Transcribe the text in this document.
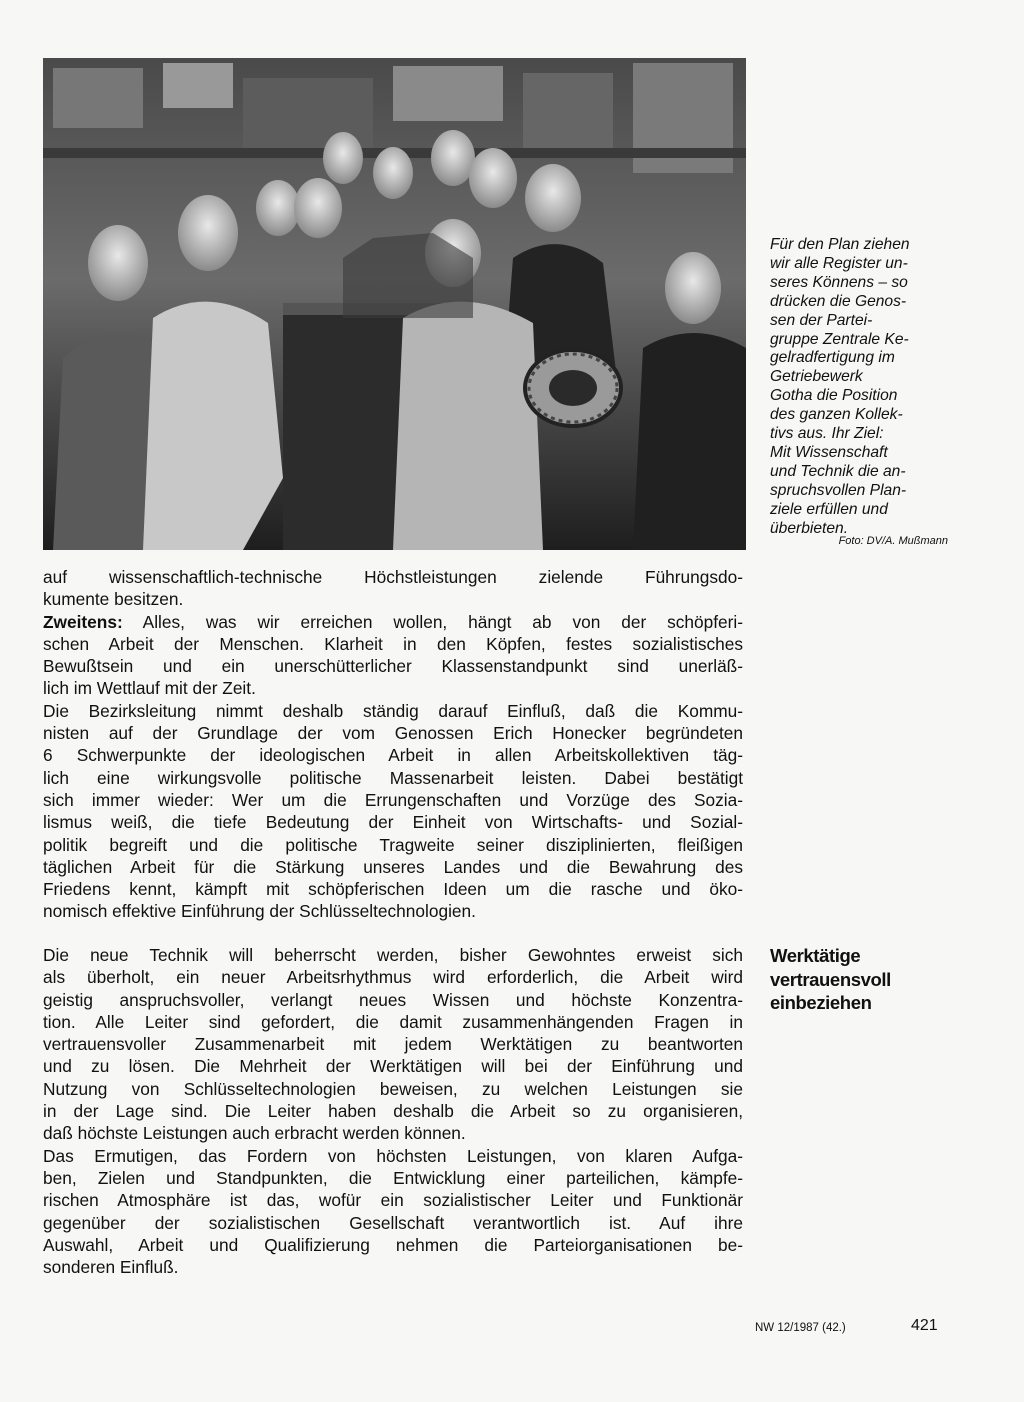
Für den Plan ziehen
wir alle Register un-
seres Könnens – so
drücken die Genos-
sen der Partei-
gruppe Zentrale Ke-
gelradfertigung im
Getriebewerk
Gotha die Position
des ganzen Kollek-
tivs aus. Ihr Ziel:
Mit Wissenschaft
und Technik die an-
spruchsvollen Plan-
ziele erfüllen und
überbieten.
Foto: DV/A. Mußmann
auf wissenschaftlich-technische Höchstleistungen zielende Führungsdo-
kumente besitzen.
Zweitens: Alles, was wir erreichen wollen, hängt ab von der schöpferi-
schen Arbeit der Menschen. Klarheit in den Köpfen, festes sozialistisches
Bewußtsein und ein unerschütterlicher Klassenstandpunkt sind unerläß-
lich im Wettlauf mit der Zeit.
Die Bezirksleitung nimmt deshalb ständig darauf Einfluß, daß die Kommu-
nisten auf der Grundlage der vom Genossen Erich Honecker begründeten
6 Schwerpunkte der ideologischen Arbeit in allen Arbeitskollektiven täg-
lich eine wirkungsvolle politische Massenarbeit leisten. Dabei bestätigt
sich immer wieder: Wer um die Errungenschaften und Vorzüge des Sozia-
lismus weiß, die tiefe Bedeutung der Einheit von Wirtschafts- und Sozial-
politik begreift und die politische Tragweite seiner disziplinierten, fleißigen
täglichen Arbeit für die Stärkung unseres Landes und die Bewahrung des
Friedens kennt, kämpft mit schöpferischen Ideen um die rasche und öko-
nomisch effektive Einführung der Schlüsseltechnologien.
Werktätige
vertrauensvoll
einbeziehen
Die neue Technik will beherrscht werden, bisher Gewohntes erweist sich
als überholt, ein neuer Arbeitsrhythmus wird erforderlich, die Arbeit wird
geistig anspruchsvoller, verlangt neues Wissen und höchste Konzentra-
tion. Alle Leiter sind gefordert, die damit zusammenhängenden Fragen in
vertrauensvoller Zusammenarbeit mit jedem Werktätigen zu beantworten
und zu lösen. Die Mehrheit der Werktätigen will bei der Einführung und
Nutzung von Schlüsseltechnologien beweisen, zu welchen Leistungen sie
in der Lage sind. Die Leiter haben deshalb die Arbeit so zu organisieren,
daß höchste Leistungen auch erbracht werden können.
Das Ermutigen, das Fordern von höchsten Leistungen, von klaren Aufga-
ben, Zielen und Standpunkten, die Entwicklung einer parteilichen, kämpfe-
rischen Atmosphäre ist das, wofür ein sozialistischer Leiter und Funktionär
gegenüber der sozialistischen Gesellschaft verantwortlich ist. Auf ihre
Auswahl, Arbeit und Qualifizierung nehmen die Parteiorganisationen be-
sonderen Einfluß.
NW 12/1987 (42.)	421
